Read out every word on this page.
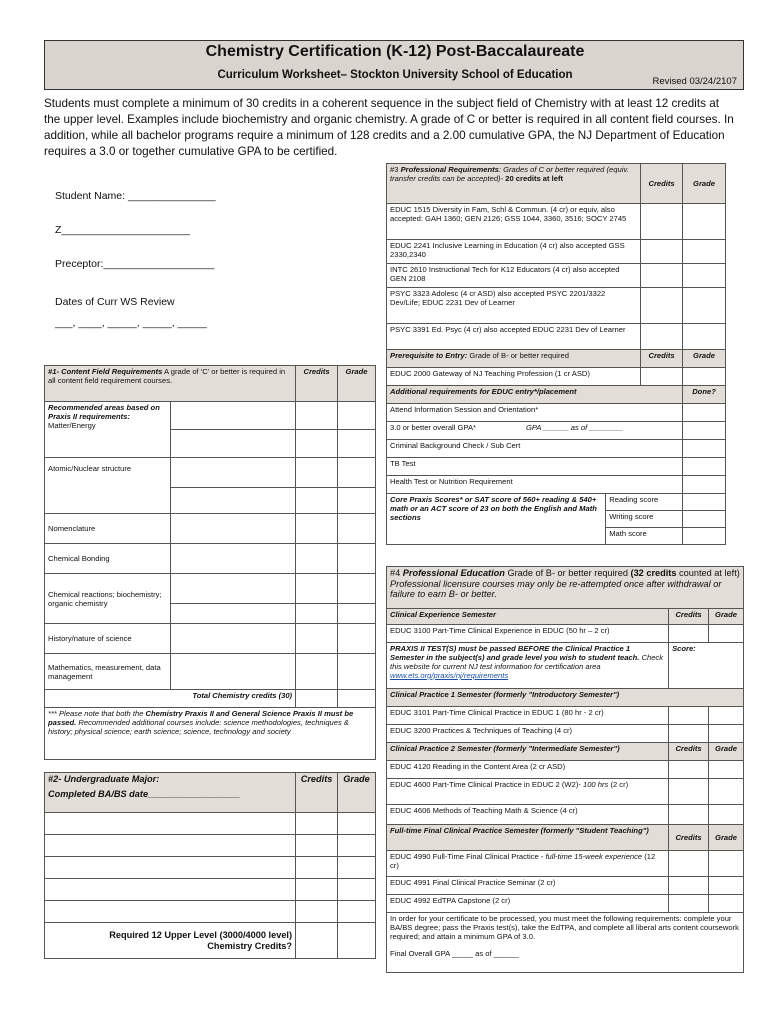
Chemistry Certification (K-12) Post-Baccalaureate
Curriculum Worksheet– Stockton University School of Education
Revised 03/24/2107
Students must complete a minimum of 30 credits in a coherent sequence in the subject field of Chemistry with at least 12 credits at the upper level. Examples include biochemistry and organic chemistry. A grade of C or better is required in all content field courses. In addition, while all bachelor programs require a minimum of 128 credits and a 2.00 cumulative GPA, the NJ Department of Education requires a 3.0 or together cumulative GPA to be certified.
Student Name: _______________
Z______________________
Preceptor:___________________
Dates of Curr WS Review
___, ____, _____, _____, _____
#1- Content Field Requirements A grade of 'C' or better is required in all content field requirement courses.		Credits	Grade

Recommended areas based on Praxis II requirements:
Matter/Energy			

Atomic/Nuclear structure			

Nomenclature			
Chemical Bonding			
Chemical reactions; biochemistry; organic chemistry			

History/nature of science			
Mathematics, measurement, data management			
Total Chemistry credits (30)			
*** Please note that both the Chemistry Praxis II and General Science Praxis II must be passed. Recommended additional courses include: science methodologies, techniques & history; physical science; earth science; science, technology and society			
#2- Undergraduate Major:
Completed BA/BS date__________________	Credits	Grade

Required 12 Upper Level (3000/4000 level) Chemistry Credits?		
#3 Professional Requirements: Grades of C or better required (equiv. transfer credits can be accepted)- 20 credits at left		Credits	Grade
EDUC 1515 Diversity in Fam, Schl & Commun. (4 cr) or equiv, also accepted: GAH 1360; GEN 2126; GSS 1044, 3360, 3516; SOCY 2745			
EDUC 2241 Inclusive Learning in Education (4 cr) also accepted GSS 2330,2340			
INTC 2610 Instructional Tech for K12 Educators (4 cr) also accepted GEN 2108			
PSYC 3323 Adolesc (4 cr ASD) also accepted PSYC 2201/3322 Dev/Life; EDUC 2231 Dev of Learner			
PSYC 3391 Ed. Psyc (4 cr) also accepted EDUC 2231 Dev of Learner			
Prerequisite to Entry: Grade of B- or better required		Credits	Grade
EDUC 2000 Gateway of NJ Teaching Profession (1 cr ASD)			
Additional requirements for EDUC entry*/placement			Done?
Attend Information Session and Orientation*			
3.0 or better overall GPA* GPA ______ as of ________			
Criminal Background Check / Sub Cert			
TB Test			
Health Test or Nutrition Requirement			
Core Praxis Scores* or SAT score of 560+ reading & 540+ math or an ACT score of 23 on both the English and Math sections	Reading score		
	Writing score		
	Math score		
#4 Professional Education Grade of B- or better required (32 credits counted at left) Professional licensure courses may only be re-attempted once after withdrawal or failure to earn B- or better.		
Clinical Experience Semester	Credits	Grade
EDUC 3100 Part-Time Clinical Experience in EDUC (50 hr – 2 cr)		
PRAXIS II TEST(S) must be passed BEFORE the Clinical Practice 1 Semester in the subject(s) and grade level you wish to student teach. Check this website for current NJ test information for certification area www.ets.org/praxis/nj/requirements	Score:	
Clinical Practice 1 Semester (formerly "Introductory Semester")		
EDUC 3101 Part-Time Clinical Practice in EDUC 1 (80 hr - 2 cr)		
EDUC 3200 Practices & Techniques of Teaching (4 cr)		
Clinical Practice 2 Semester (formerly "Intermediate Semester")	Credits	Grade
EDUC 4120 Reading in the Content Area (2 cr ASD)		
EDUC 4600 Part-Time Clinical Practice in EDUC 2 (W2)- 100 hrs (2 cr)		
EDUC 4606 Methods of Teaching Math & Science (4 cr)		
Full-time Final Clinical Practice Semester (formerly "Student Teaching")	Credits	Grade
EDUC 4990 Full-Time Final Clinical Practice - full-time 15-week experience (12 cr)		
EDUC 4991 Final Clinical Practice Seminar (2 cr)		
EDUC 4992 EdTPA Capstone (2 cr)		

In order for your certificate to be processed, you must meet the following requirements: complete your BA/BS degree; pass the Praxis test(s), take the EdTPA, and complete all liberal arts content coursework required; and attain a minimum GPA of 3.0.
Final Overall GPA _____ as of ______		
